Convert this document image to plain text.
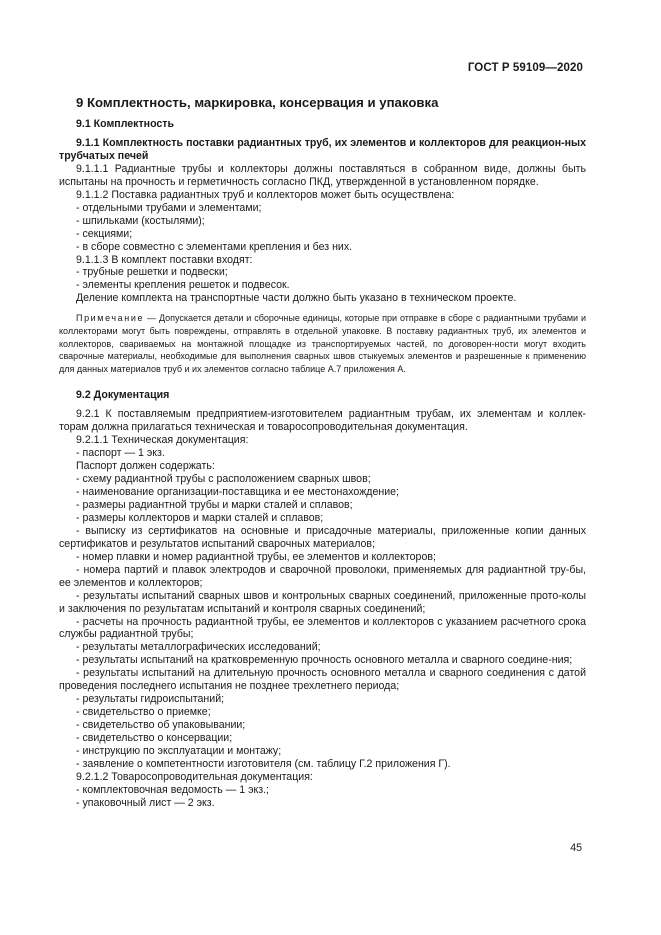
ГОСТ Р 59109—2020
9 Комплектность, маркировка, консервация и упаковка
9.1 Комплектность
9.1.1 Комплектность поставки радиантных труб, их элементов и коллекторов для реакцион-ных трубчатых печей
9.1.1.1 Радиантные трубы и коллекторы должны поставляться в собранном виде, должны быть испытаны на прочность и герметичность согласно ПКД, утвержденной в установленном порядке.
9.1.1.2 Поставка радиантных труб и коллекторов может быть осуществлена:
- отдельными трубами и элементами;
- шпильками (костылями);
- секциями;
- в сборе совместно с элементами крепления и без них.
9.1.1.3 В комплект поставки входят:
- трубные решетки и подвески;
- элементы крепления решеток и подвесок.
Деление комплекта на транспортные части должно быть указано в техническом проекте.
Примечание — Допускается детали и сборочные единицы, которые при отправке в сборе с радиантными трубами и коллекторами могут быть повреждены, отправлять в отдельной упаковке. В поставку радиантных труб, их элементов и коллекторов, свариваемых на монтажной площадке из транспортируемых частей, по договорен-ности могут входить сварочные материалы, необходимые для выполнения сварных швов стыкуемых элементов и разрешенные к применению для данных материалов труб и их элементов согласно таблице А.7 приложения А.
9.2 Документация
9.2.1 К поставляемым предприятием-изготовителем радиантным трубам, их элементам и коллек-торам должна прилагаться техническая и товаросопроводительная документация.
9.2.1.1 Техническая документация:
- паспорт — 1 экз.
Паспорт должен содержать:
- схему радиантной трубы с расположением сварных швов;
- наименование организации-поставщика и ее местонахождение;
- размеры радиантной трубы и марки сталей и сплавов;
- размеры коллекторов и марки сталей и сплавов;
- выписку из сертификатов на основные и присадочные материалы, приложенные копии данных сертификатов и результатов испытаний сварочных материалов;
- номер плавки и номер радиантной трубы, ее элементов и коллекторов;
- номера партий и плавок электродов и сварочной проволоки, применяемых для радиантной тру-бы, ее элементов и коллекторов;
- результаты испытаний сварных швов и контрольных сварных соединений, приложенные прото-колы и заключения по результатам испытаний и контроля сварных соединений;
- расчеты на прочность радиантной трубы, ее элементов и коллекторов с указанием расчетного срока службы радиантной трубы;
- результаты металлографических исследований;
- результаты испытаний на кратковременную прочность основного металла и сварного соедине-ния;
- результаты испытаний на длительную прочность основного металла и сварного соединения с датой проведения последнего испытания не позднее трехлетнего периода;
- результаты гидроиспытаний;
- свидетельство о приемке;
- свидетельство об упаковывании;
- свидетельство о консервации;
- инструкцию по эксплуатации и монтажу;
- заявление о компетентности изготовителя (см. таблицу Г.2 приложения Г).
9.2.1.2 Товаросопроводительная документация:
- комплектовочная ведомость — 1 экз.;
- упаковочный лист — 2 экз.
45
